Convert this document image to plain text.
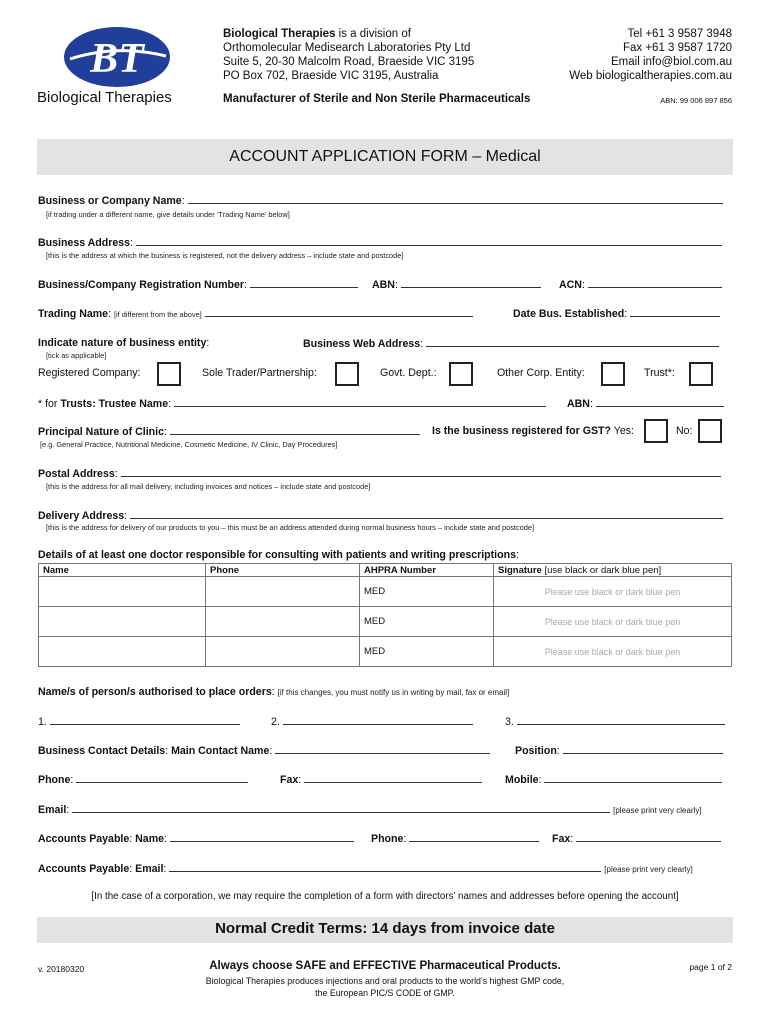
BT
Biological Therapies
Biological Therapies is a division of
Orthomolecular Medisearch Laboratories Pty Ltd
Suite 5, 20-30 Malcolm Road, Braeside VIC 3195
PO Box 702, Braeside VIC 3195, Australia
Tel +61 3 9587 3948
Fax +61 3 9587 1720
Email info@biol.com.au
Web biologicaltherapies.com.au
Manufacturer of Sterile and Non Sterile Pharmaceuticals	ABN: 99 006 897 856
ACCOUNT APPLICATION FORM – Medical
Business or Company Name:
[if trading under a different name, give details under ‘Trading Name’ below]
Business Address:
[this is the address at which the business is registered, not the delivery address – include state and postcode]
Business/Company Registration Number:	ABN:	ACN:
Trading Name: [if different from the above]	Date Bus. Established:
Indicate nature of business entity:
[tick as applicable]
Business Web Address:
Registered Company:	Sole Trader/Partnership:	Govt. Dept.:	Other Corp. Entity:	Trust*:
* for Trusts: Trustee Name:	ABN:
Principal Nature of Clinic:
[e.g. General Practice, Nutritional Medicine, Cosmetic Medicine, IV Clinic, Day Procedures]
Is the business registered for GST? Yes:	No:
Postal Address:
[this is the address for all mail delivery, including invoices and notices – include state and postcode]
Delivery Address:
[this is the address for delivery of our products to you – this must be an address attended during normal business hours – include state and postcode]
Details of at least one doctor responsible for consulting with patients and writing prescriptions:
Name	Phone	AHPRA Number	Signature [use black or dark blue pen]
		MED	Please use black or dark blue pen
		MED	Please use black or dark blue pen
		MED	Please use black or dark blue pen
Name/s of person/s authorised to place orders: [if this changes, you must notify us in writing by mail, fax or email]
1.	2.	3.
Business Contact Details: Main Contact Name:	Position:
Phone:	Fax:	Mobile:
Email:	[please print very clearly]
Accounts Payable: Name:	Phone:	Fax:
Accounts Payable: Email:	[please print very clearly]
[In the case of a corporation, we may require the completion of a form with directors’ names and addresses before opening the account]
Normal Credit Terms: 14 days from invoice date
v. 20180320	Always choose SAFE and EFFECTIVE Pharmaceutical Products.
Biological Therapies produces injections and oral products to the world’s highest GMP code,
the European PIC/S CODE of GMP.
page 1 of 2
